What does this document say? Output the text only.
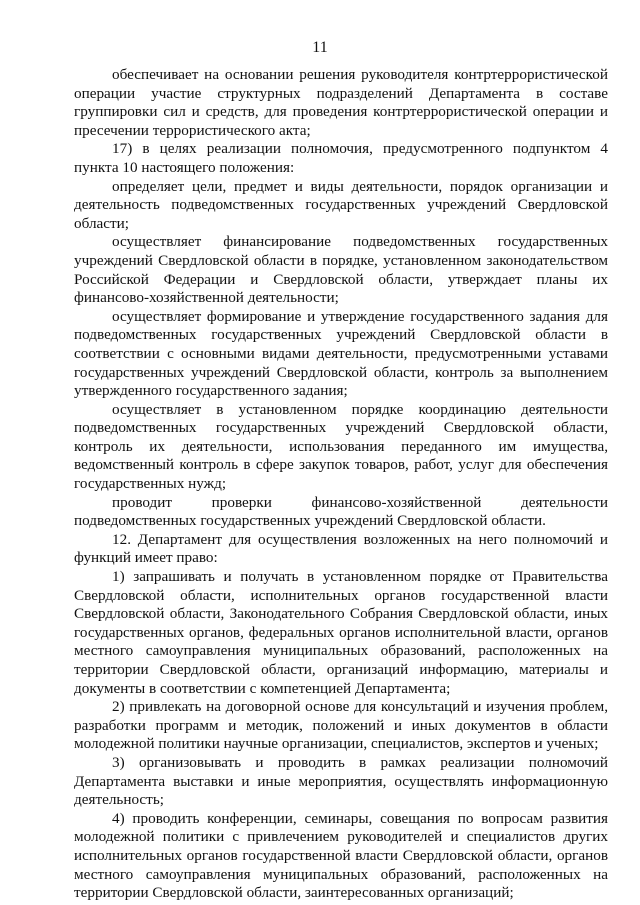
11

обеспечивает на основании решения руководителя контртеррористической операции участие структурных подразделений Департамента в составе группировки сил и средств, для проведения контртеррористической операции и пресечении террористического акта;

17) в целях реализации полномочия, предусмотренного подпунктом 4 пункта 10 настоящего положения:

определяет цели, предмет и виды деятельности, порядок организации и деятельность подведомственных государственных учреждений Свердловской области;

осуществляет финансирование подведомственных государственных учреждений Свердловской области в порядке, установленном законодательством Российской Федерации и Свердловской области, утверждает планы их финансово-хозяйственной деятельности;

осуществляет формирование и утверждение государственного задания для подведомственных государственных учреждений Свердловской области в соответствии с основными видами деятельности, предусмотренными уставами государственных учреждений Свердловской области, контроль за выполнением утвержденного государственного задания;

осуществляет в установленном порядке координацию деятельности подведомственных государственных учреждений Свердловской области, контроль их деятельности, использования переданного им имущества, ведомственный контроль в сфере закупок товаров, работ, услуг для обеспечения государственных нужд;

проводит проверки финансово-хозяйственной деятельности подведомственных государственных учреждений Свердловской области.

12. Департамент для осуществления возложенных на него полномочий и функций имеет право:

1) запрашивать и получать в установленном порядке от Правительства Свердловской области, исполнительных органов государственной власти Свердловской области, Законодательного Собрания Свердловской области, иных государственных органов, федеральных органов исполнительной власти, органов местного самоуправления муниципальных образований, расположенных на территории Свердловской области, организаций информацию, материалы и документы в соответствии с компетенцией Департамента;

2) привлекать на договорной основе для консультаций и изучения проблем, разработки программ и методик, положений и иных документов в области молодежной политики научные организации, специалистов, экспертов и ученых;

3) организовывать и проводить в рамках реализации полномочий Департамента выставки и иные мероприятия, осуществлять информационную деятельность;

4) проводить конференции, семинары, совещания по вопросам развития молодежной политики с привлечением руководителей и специалистов других исполнительных органов государственной власти Свердловской области, органов местного самоуправления муниципальных образований, расположенных на территории Свердловской области, заинтересованных организаций;
